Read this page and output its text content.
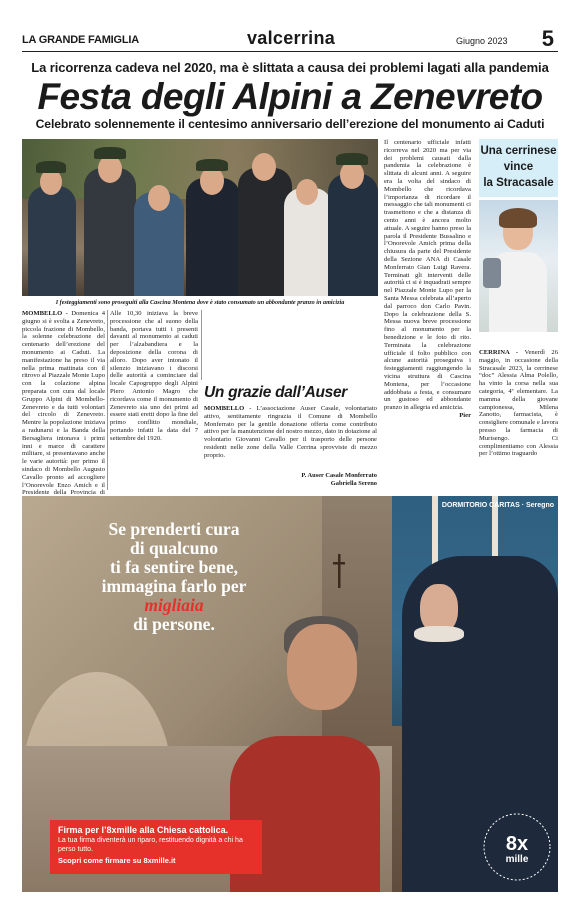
LA GRANDE FAMIGLIA	valcerrina	Giugno 2023 5
La ricorrenza cadeva nel 2020, ma è slittata a causa dei problemi lagati alla pandemia
Festa degli Alpini a Zenevreto
Celebrato solennemente il centesimo anniversario dell’erezione del monumento ai Caduti
I festeggiamenti sono proseguiti alla Cascina Montena dove è stato consumato un abbondante pranzo in amicizia
MOMBELLO - Domenica 4 giugno si è svolta a Zenevreto, piccola frazione di Mombello, la solenne celebrazione del centenario dell’erezione del monumento ai Caduti. La manifestazione ha preso il via nella prima mattinata con il ritrovo al Piazzale Monte Lupo con la colazione alpina preparata con cura dal locale Gruppo Alpini di Mombello-Zenevreto e da tutti volontari del circolo di Zenevreto. Mentre la popolazione iniziava a radunarsi e la Banda della Bersagliera intonava i primi inni e marce di carattere militare, si presentavano anche le varie autorità: per primo il sindaco di Mombello Augusto Cavallo pronto ad accogliere l’Onorevole Enzo Amich e il Presidente della Provincia di
Alle 10,30 iniziava la breve processione che al suono della banda, portava tutti i presenti davanti al monumento ai caduti per l’alzabandiera e la deposizione della corona di alloro. Dopo aver intonato il silenzio iniziavano i discorsi delle autorità a cominciare dal locale Capogruppo degli Alpini Piero Antonio Magro che ricordava come il monumento di Zenevreto sia uno dei primi ad essere stati eretti dopo la fine del primo conflitto mondiale, portando infatti la data del 7 settembre del 1920.
Il centenario ufficiale infatti ricorreva nel 2020 ma per via dei problemi causati dalla pandemia la celebrazione è slittata di alcuni anni. A seguire era la volta del sindaco di Mombello che ricordava l’importanza di ricordare il messaggio che tali monumenti ci trasmettono e che a distanza di cento anni è ancora molto attuale. A seguire hanno preso la parola il Presidente Bussalino e l’Onorevole Amich prima della chiusura da parte del Presidente della Sezione ANA di Casale Monferrato Gian Luigi Ravera. Terminati gli interventi delle autorità ci si è inquadrati sempre nel Piazzale Monte Lupo per la Santa Messa celebrata all’aperto dal parroco don Carlo Pavin. Dopo la celebrazione della S. Messa nuova breve processione fino al monumento per la benedizione e le foto di rito. Terminata la celebrazione ufficiale il folto pubblico con alcune autorità proseguiva i festeggiamenti raggiungendo la vicina struttura di Cascina Montena, per l’occasione addobbata a festa, e consumare un gustoso ed abbondante pranzo in allegria ed amicizia.
Pier
Un grazie dall’Auser
MOMBELLO - L’associazione Auser Casale, volontariato attivo, sentitamente ringrazia il Comune di Mombello Monferrato per la gentile donazione offerta come contributo attivo per la manutenzione del nostro mezzo, dato in dotazione al volontario Giovanni Cavallo per il trasporto delle persone residenti nelle zone della Valle Cerrina sprovviste di mezzo proprio.
P. Auser Casale Monferrato
Gabriella Sereno
Una cerrinese
vince
la Stracasale
CERRINA - Venerdì 26 maggio, in occasione della Stracasale 2023, la cerrinese “doc” Alessia Alma Polello, ha vinto la corsa nella sua categoria, 4ª elementare. La mamma della giovane campionessa, Milena Zanotto, farmacista, è consigliere comunale e lavora presso la farmacia di Murisengo. Ci complimentiamo con Alessia per l’ottimo traguardo
DORMITORIO CARITAS · Seregno
Se prenderti cura
di qualcuno
ti fa sentire bene,
immagina farlo per
migliaia
di persone.
Firma per l’8xmille alla Chiesa cattolica.
La tua firma diventerà un riparo, restituendo dignità a chi ha perso tutto.
Scopri come firmare su 8xmille.it
8x
mille
